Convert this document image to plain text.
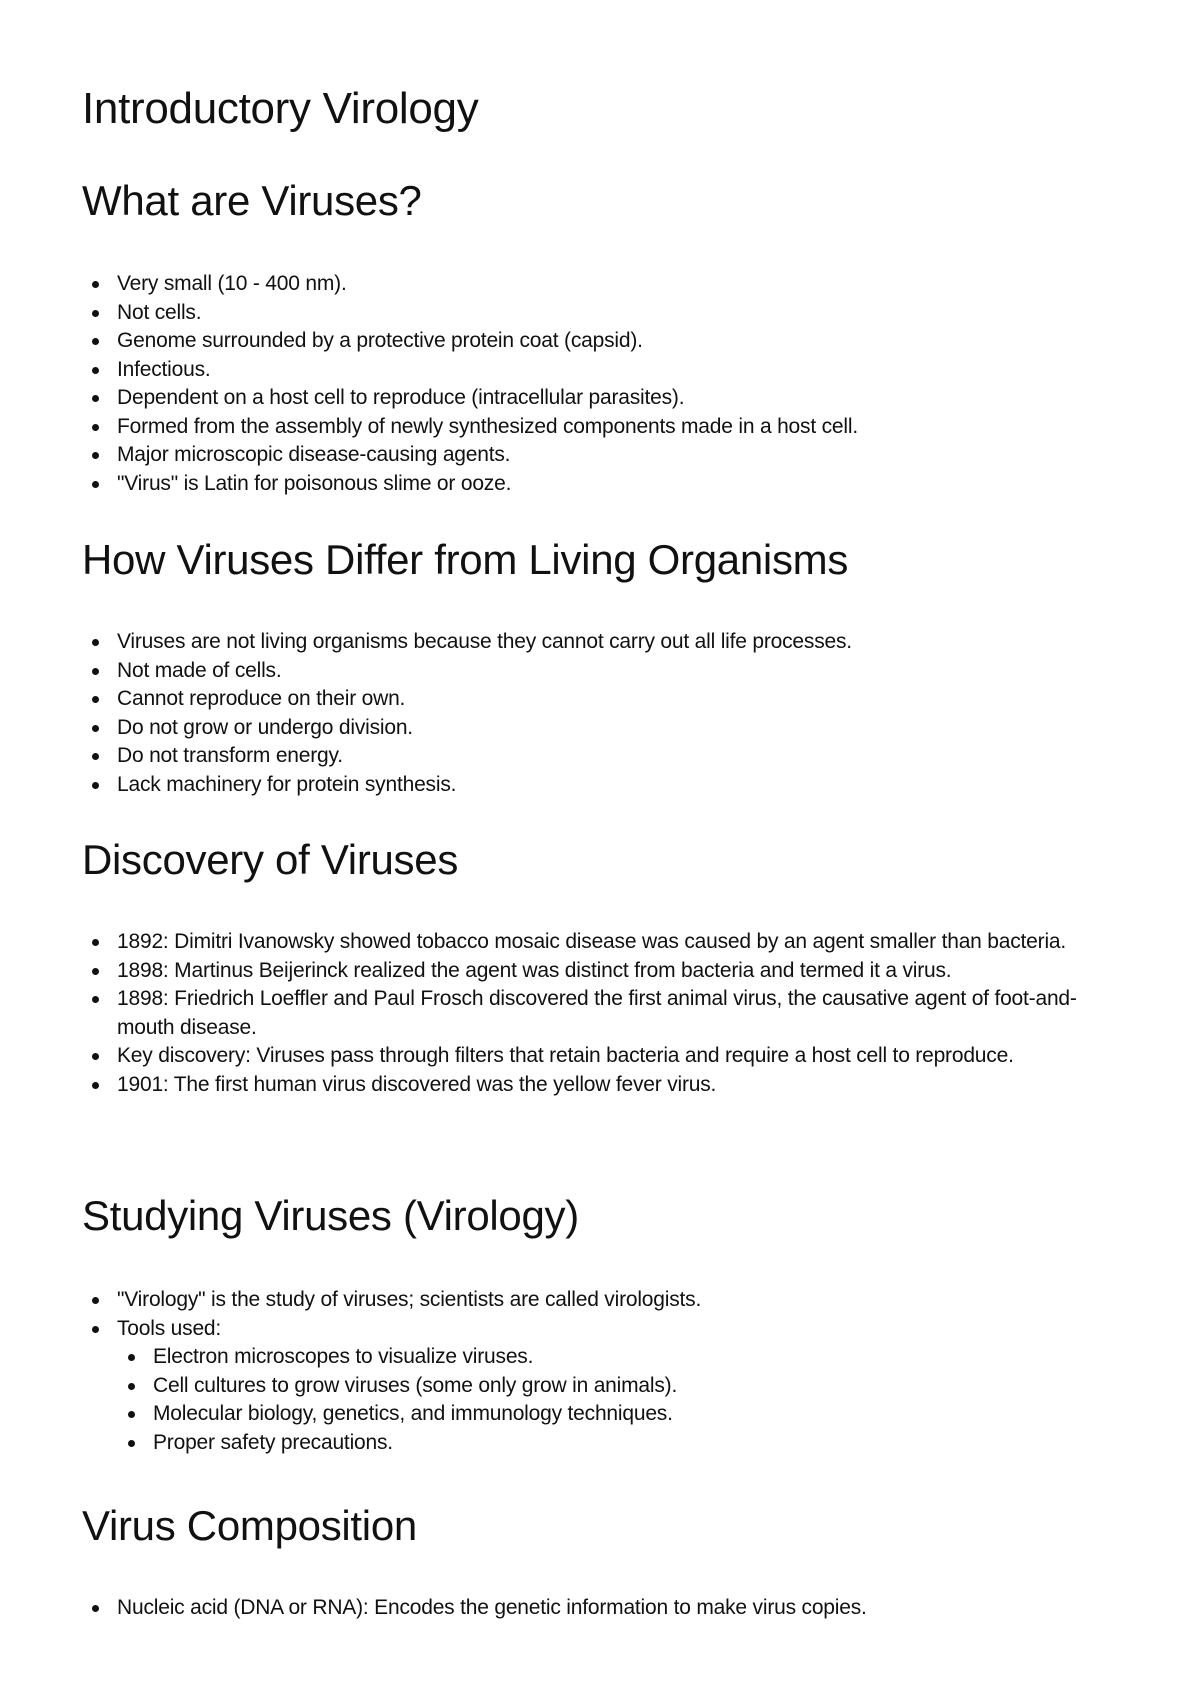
Introductory Virology
What are Viruses?
Very small (10 - 400 nm).
Not cells.
Genome surrounded by a protective protein coat (capsid).
Infectious.
Dependent on a host cell to reproduce (intracellular parasites).
Formed from the assembly of newly synthesized components made in a host cell.
Major microscopic disease-causing agents.
"Virus" is Latin for poisonous slime or ooze.
How Viruses Differ from Living Organisms
Viruses are not living organisms because they cannot carry out all life processes.
Not made of cells.
Cannot reproduce on their own.
Do not grow or undergo division.
Do not transform energy.
Lack machinery for protein synthesis.
Discovery of Viruses
1892: Dimitri Ivanowsky showed tobacco mosaic disease was caused by an agent smaller than bacteria.
1898: Martinus Beijerinck realized the agent was distinct from bacteria and termed it a virus.
1898: Friedrich Loeffler and Paul Frosch discovered the first animal virus, the causative agent of foot-and-mouth disease.
Key discovery: Viruses pass through filters that retain bacteria and require a host cell to reproduce.
1901: The first human virus discovered was the yellow fever virus.
Studying Viruses (Virology)
"Virology" is the study of viruses; scientists are called virologists.
Tools used:
Electron microscopes to visualize viruses.
Cell cultures to grow viruses (some only grow in animals).
Molecular biology, genetics, and immunology techniques.
Proper safety precautions.
Virus Composition
Nucleic acid (DNA or RNA): Encodes the genetic information to make virus copies.
